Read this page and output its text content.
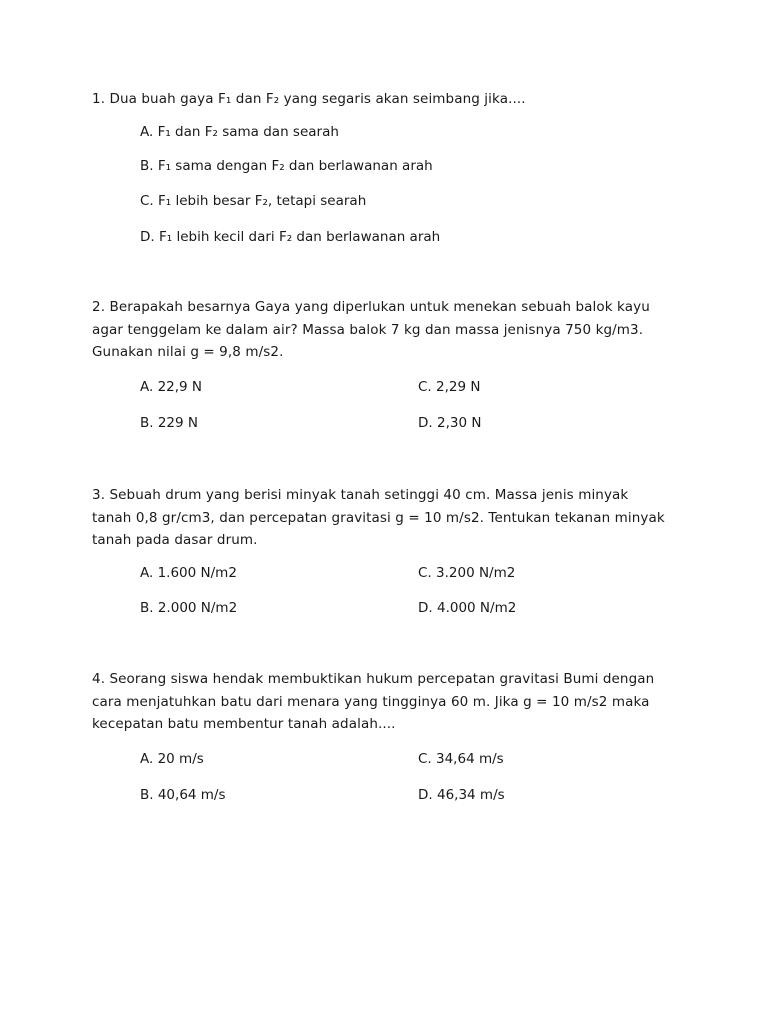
1. Dua buah gaya F₁ dan F₂ yang segaris akan seimbang jika....

A. F₁ dan F₂ sama dan searah
B. F₁ sama dengan F₂ dan berlawanan arah
C. F₁ lebih besar F₂, tetapi searah
D. F₁ lebih kecil dari F₂ dan berlawanan arah

2. Berapakah besarnya Gaya yang diperlukan untuk menekan sebuah balok kayu agar tenggelam ke dalam air? Massa balok 7 kg dan massa jenisnya 750 kg/m3. Gunakan nilai g = 9,8 m/s2.

A. 22,9 N	C. 2,29 N
B. 229 N	D. 2,30 N

3. Sebuah drum yang berisi minyak tanah setinggi 40 cm. Massa jenis minyak tanah 0,8 gr/cm3, dan percepatan gravitasi g = 10 m/s2. Tentukan tekanan minyak tanah pada dasar drum.

A. 1.600 N/m2	C. 3.200 N/m2
B. 2.000 N/m2	D. 4.000 N/m2

4. Seorang siswa hendak membuktikan hukum percepatan gravitasi Bumi dengan cara menjatuhkan batu dari menara yang tingginya 60 m. Jika g = 10 m/s2 maka kecepatan batu membentur tanah adalah....

A. 20 m/s	C. 34,64 m/s
B. 40,64 m/s	D. 46,34 m/s
